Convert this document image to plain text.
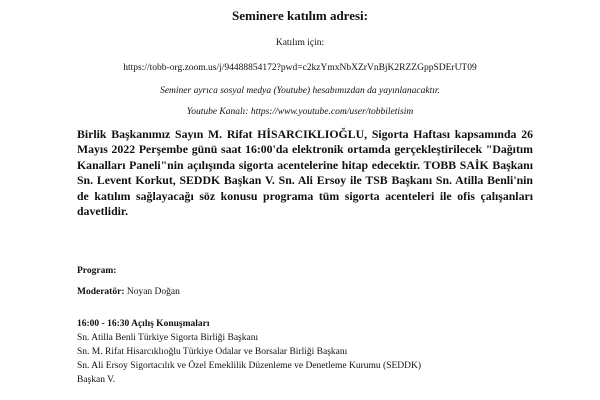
Seminere katılım adresi:
Katılım için:
https://tobb-org.zoom.us/j/94488854172?pwd=c2kzYmxNbXZrVnBjK2RZZGppSDErUT09
Seminer ayrıca sosyal medya (Youtube) hesabımızdan da yayınlanacaktır.
Youtube Kanalı: https://www.youtube.com/user/tobbiletisim
Birlik Başkanımız Sayın M. Rifat HİSARCIKLIOĞLU, Sigorta Haftası kapsamında 26 Mayıs 2022 Perşembe günü saat 16:00'da elektronik ortamda gerçekleştirilecek "Dağıtım Kanalları Paneli"nin açılışında sigorta acentelerine hitap edecektir. TOBB SAİK Başkanı Sn. Levent Korkut, SEDDK Başkan V. Sn. Ali Ersoy ile TSB Başkanı Sn. Atilla Benli'nin de katılım sağlayacağı söz konusu programa tüm sigorta acenteleri ile ofis çalışanları davetlidir.
Program:
Moderatör: Noyan Doğan
16:00 - 16:30 Açılış Konuşmaları
Sn. Atilla Benli Türkiye Sigorta Birliği Başkanı
Sn. M. Rifat Hisarcıklıoğlu Türkiye Odalar ve Borsalar Birliği Başkanı
Sn. Ali Ersoy Sigortacılık ve Özel Emeklilik Düzenleme ve Denetleme Kurumu (SEDDK)
Başkan V.
